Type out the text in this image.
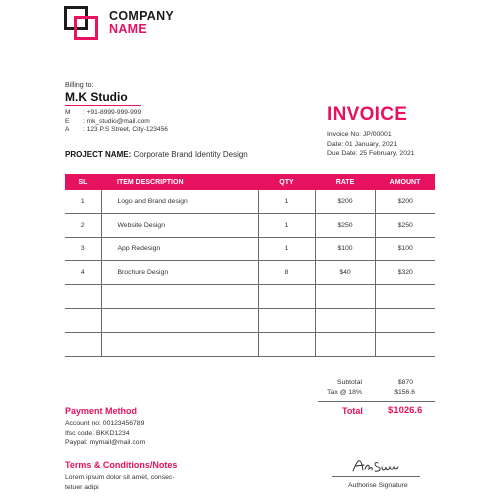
COMPANY
NAME
Billing to:
M.K Studio
M : +91-8999-999-999
E : mk_studio@mail.com
A : 123 P.S Street, City-123456
PROJECT NAME: Corporate Brand Identity Design
INVOICE
Invoice No: JP/00001
Date: 01 January, 2021
Due Date: 25 February, 2021
SL	ITEM DESCRIPTION	QTY	RATE	AMOUNT
1	Logo and Brand design	1	$200	$200
2	Website Design	1	$250	$250
3	App Redesign	1	$100	$100
4	Brochure Design	8	$40	$320

Subtotal	$870
Tax @ 18%	$156.6
Total	$1026.6
Payment Method
Account no: 00123456789
Ifsc code: BKKD1234
Paypal: mymail@mail.com
Terms & Conditions/Notes
Lorem ipsum dolor sit amet, consec-
tetuer adipi	Authorise Signature
